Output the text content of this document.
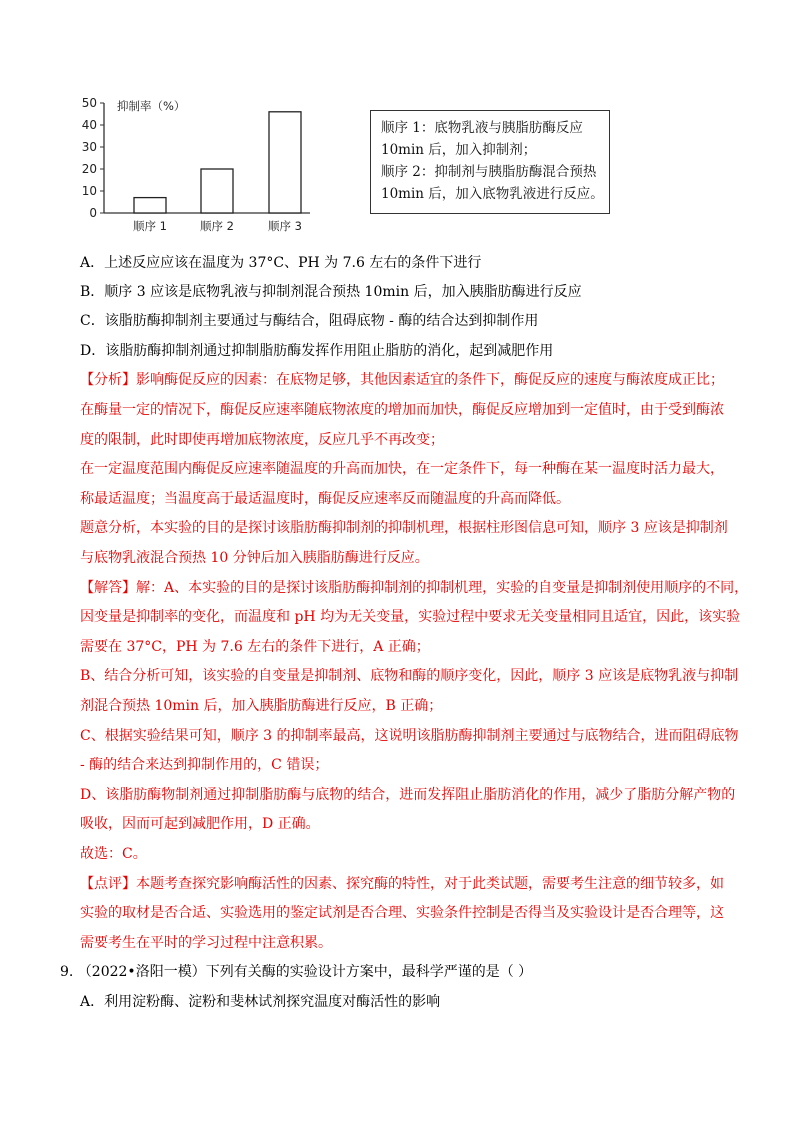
0
10
20
30
40
50 抑制率（%）
顺序 1	顺序 2	顺序 3
顺序 1：底物乳液与胰脂肪酶反应
10min 后，加入抑制剂；
顺序 2：抑制剂与胰脂肪酶混合预热
10min 后，加入底物乳液进行反应。
A．上述反应应该在温度为 37°C、PH 为 7.6 左右的条件下进行
B．顺序 3 应该是底物乳液与抑制剂混合预热 10min 后，加入胰脂肪酶进行反应
C．该脂肪酶抑制剂主要通过与酶结合，阻碍底物 - 酶的结合达到抑制作用
D．该脂肪酶抑制剂通过抑制脂肪酶发挥作用阻止脂肪的消化，起到减肥作用
【分析】影响酶促反应的因素：在底物足够，其他因素适宜的条件下，酶促反应的速度与酶浓度成正比；
在酶量一定的情况下，酶促反应速率随底物浓度的增加而加快，酶促反应增加到一定值时，由于受到酶浓
度的限制，此时即使再增加底物浓度，反应几乎不再改变；
在一定温度范围内酶促反应速率随温度的升高而加快，在一定条件下，每一种酶在某一温度时活力最大，
称最适温度；当温度高于最适温度时，酶促反应速率反而随温度的升高而降低。
题意分析，本实验的目的是探讨该脂肪酶抑制剂的抑制机理，根据柱形图信息可知，顺序 3 应该是抑制剂
与底物乳液混合预热 10 分钟后加入胰脂肪酶进行反应。
【解答】解：A、本实验的目的是探讨该脂肪酶抑制剂的抑制机理，实验的自变量是抑制剂使用顺序的不同，
因变量是抑制率的变化，而温度和 pH 均为无关变量，实验过程中要求无关变量相同且适宜，因此，该实验
需要在 37°C，PH 为 7.6 左右的条件下进行，A 正确；
B、结合分析可知，该实验的自变量是抑制剂、底物和酶的顺序变化，因此，顺序 3 应该是底物乳液与抑制
剂混合预热 10min 后，加入胰脂肪酶进行反应，B 正确；
C、根据实验结果可知，顺序 3 的抑制率最高，这说明该脂肪酶抑制剂主要通过与底物结合，进而阻碍底物
- 酶的结合来达到抑制作用的，C 错误；
D、该脂肪酶物制剂通过抑制脂肪酶与底物的结合，进而发挥阻止脂肪消化的作用，减少了脂肪分解产物的
吸收，因而可起到减肥作用，D 正确。
故选：C。
【点评】本题考查探究影响酶活性的因素、探究酶的特性，对于此类试题，需要考生注意的细节较多，如
实验的取材是否合适、实验选用的鉴定试剂是否合理、实验条件控制是否得当及实验设计是否合理等，这
需要考生在平时的学习过程中注意积累。
9. （2022•洛阳一模）下列有关酶的实验设计方案中，最科学严谨的是（ ）
A．利用淀粉酶、淀粉和斐林试剂探究温度对酶活性的影响
